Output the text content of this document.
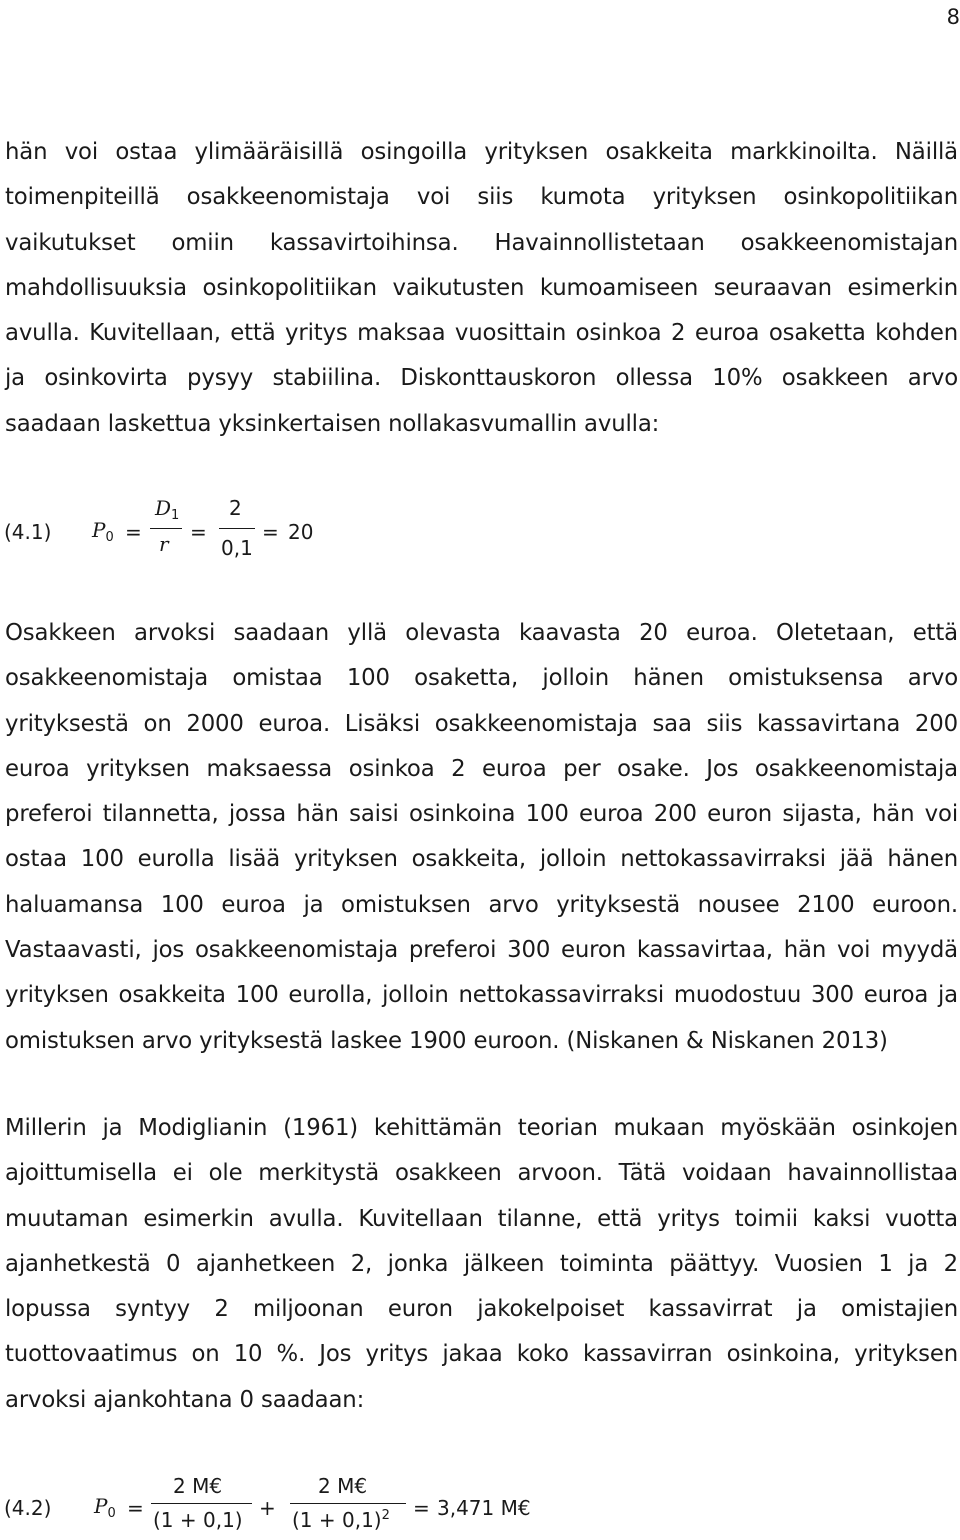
8

hän voi ostaa ylimääräisillä osingoilla yrityksen osakkeita markkinoilta. Näillä toimenpiteillä osakkeenomistaja voi siis kumota yrityksen osinkopolitiikan vaikutukset omiin kassavirtoihinsa. Havainnollistetaan osakkeenomistajan mahdollisuuksia osinkopolitiikan vaikutusten kumoamiseen seuraavan esimerkin avulla. Kuvitellaan, että yritys maksaa vuosittain osinkoa 2 euroa osaketta kohden ja osinkovirta pysyy stabiilina. Diskonttauskoron ollessa 10% osakkeen arvo saadaan laskettua yksinkertaisen nollakasvumallin avulla:

(4.1) $P_0$ =
$D_1$
r =
2
0,1
= 20

Osakkeen arvoksi saadaan yllä olevasta kaavasta 20 euroa. Oletetaan, että osakkeenomistaja omistaa 100 osaketta, jolloin hänen omistuksensa arvo yrityksestä on 2000 euroa. Lisäksi osakkeenomistaja saa siis kassavirtana 200 euroa yrityksen maksaessa osinkoa 2 euroa per osake. Jos osakkeenomistaja preferoi tilannetta, jossa hän saisi osinkoina 100 euroa 200 euron sijasta, hän voi ostaa 100 eurolla lisää yrityksen osakkeita, jolloin nettokassavirraksi jää hänen haluamansa 100 euroa ja omistuksen arvo yrityksestä nousee 2100 euroon. Vastaavasti, jos osakkeenomistaja preferoi 300 euron kassavirtaa, hän voi myydä yrityksen osakkeita 100 eurolla, jolloin nettokassavirraksi muodostuu 300 euroa ja omistuksen arvo yrityksestä laskee 1900 euroon. (Niskanen & Niskanen 2013)

Millerin ja Modiglianin (1961) kehittämän teorian mukaan myöskään osinkojen ajoittumisella ei ole merkitystä osakkeen arvoon. Tätä voidaan havainnollistaa muutaman esimerkin avulla. Kuvitellaan tilanne, että yritys toimii kaksi vuotta ajanhetkestä 0 ajanhetkeen 2, jonka jälkeen toiminta päättyy. Vuosien 1 ja 2 lopussa syntyy 2 miljoonan euron jakokelpoiset kassavirrat ja omistajien tuottovaatimus on 10 %. Jos yritys jakaa koko kassavirran osinkoina, yrityksen arvoksi ajankohtana 0 saadaan:

(4.2) $P_0$ =
2 M€
(1 + 0,1) +
2 M€
$(1 + 0,1)^2 = 3,471$ M€
